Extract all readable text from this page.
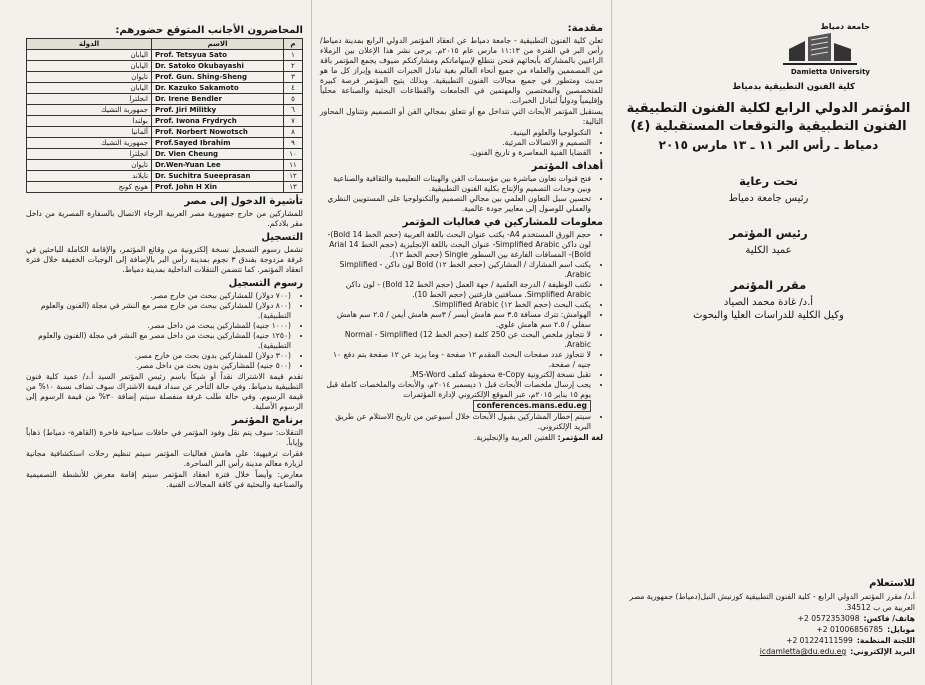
المحاضرون الأجانب المتوقع حضورهم:
م	الاسم	الدولة
١	Prof. Tetsyua Sato	اليابان
٢	Dr. Satoko Okubayashi	اليابان
٣	Prof. Gun. Shing-Sheng	تايوان
٤	Dr. Kazuko Sakamoto	اليابان
٥	Dr. Irene Bendler	انجلترا
٦	Prof. Jiri Militky	جمهورية التشيك
٧	Prof. Iwona Frydrych	بولندا
٨	Prof. Norbert Nowotsch	ألمانيا
٩	Prof.Sayed Ibrahim	جمهورية التشيك
١٠	Dr. Vien Cheung	انجلترا
١١	Dr.Wen-Yuan Lee	تايوان
١٢	Dr. Suchitra Sueeprasan	تايلاند
١٣	Prof. John H Xin	هونج كونج
تأشيرة الدخول إلى مصر

للمشاركين من خارج جمهورية مصر العربية الرجاء الاتصال بالسفارة المصرية من داخل مقر بلادكم.

التسجيل

تشمل رسوم التسجيل نسخة إلكترونية من وقائع المؤتمر، والإقامة الكاملة للباحثين في غرفة مزدوجة بفندق ٣ نجوم بمدينة رأس البر بالإضافة إلى الوجبات الخفيفة خلال فترة انعقاد المؤتمر. كما تتضمن التنقلات الداخلية بمدينة دمياط.

رسوم التسجيل
• (٧٠٠ دولار) للمشاركين ببحث من خارج مصر.
• (٨٠٠ دولار) للمشاركين ببحث من خارج مصر مع النشر في مجلة (الفنون والعلوم التطبيقية).
• (١٠٠٠ جنيه) للمشاركين ببحث من داخل مصر.
• (١٢٥٠ جنيه) للمشاركين ببحث من داخل مصر مع النشر في مجلة (الفنون والعلوم التطبيقية).
• (٣٠٠ دولار) للمشاركين بدون بحث من خارج مصر.
• (٥٠٠ جنيه) للمشاركين بدون بحث من داخل مصر.

تقدم قيمة الاشتراك نقداً أو شيكاً باسم رئيس المؤتمر السيد أ.د/ عميد كلية فنون التطبيقية بدمياط. وفي حالة التأخر عن سداد قيمة الاشتراك سوف تضاف نسبة ١٠% من قيمة الرسوم. وفي حالة طلب غرفة منفصلة سيتم إضافة ٣٠% من قيمة الرسوم إلى الرسوم الأصلية.

برنامج المؤتمر

التنقلات: سوف يتم نقل وفود المؤتمر في حافلات سياحية فاخرة (القاهرة- دمياط) ذهاباً وإياباً.

فقرات ترفيهية: على هامش فعاليات المؤتمر سيتم تنظيم رحلات استكشافية مجانية لزيارة معالم مدينة رأس البر الساحرة.

معارض: وأيضاً خلال فترة انعقاد المؤتمر سيتم إقامة معرض للأنشطة التصميمية والصناعية والبحثية في كافة المجالات الفنية.

مقدمة:

تعلن كلية الفنون التطبيقية - جامعة دمياط عن انعقاد المؤتمر الدولي الرابع بمدينة دمياط/ رأس البر في الفترة من ١١:١٣ مارس عام ٢٠١٥م. يرجى نشر هذا الإعلان بين الزملاء الراغبين بالمشاركة بأبحاثهم فنحن نتطلع لإسهاماتكم ومشاركتكم ضيوف يجمع المؤتمر باقة من المصممين والعلماء من جميع أنحاء العالم بغية تبادل الخبرات الثمينة وإبراز كل ما هو حديث ومتطور في جميع مجالات الفنون التطبيقية. وبذلك يتيح المؤتمر فرصة كبيرة للمتخصصين والمختصين والمهتمين في الجامعات والقطاعات البحثية والصناعة محلياً وإقليمياً ودولياً لتبادل الخبرات.

يستقبل المؤتمر الأبحاث التي تتداخل مع أو تتعلق بمجالي الفن أو التصميم وتتناول المحاور التالية:

• التكنولوجيا والعلوم البينية.
• التصميم و الاتصالات المرئية.
• القضايا الفنية المعاصرة و تاريخ الفنون.
أهداف المؤتمر
• فتح قنوات تعاون مباشرة بين مؤسسات الفن والهيئات التعليمية والثقافية والصناعية وبين وحدات التصميم والإنتاج بكلية الفنون التطبيقية.
• تحسين سبل التعاون العلمي بين مجالي التصميم والتكنولوجيا على المستويين النظري والعملي للوصول إلى معايير جودة عالمية.
معلومات للمشاركين في فعاليات المؤتمر
• حجم الورق المستخدم A4- يكتب عنوان البحث باللغة العربية (حجم الخط 14 Bold)- لون داكن Simplified Arabic- عنوان البحث باللغة الإنجليزية (حجم الخط 14 Arial Bold)- المسافات الفارغة بين السطور Single (حجم الخط ١٢).
• يكتب اسم المشارك / المشاركين (حجم الخط ١٢) Bold لون داكن - Simplified Arabic.
• تكتب الوظيفة / الدرجة العلمية / جهة العمل (حجم الخط 12 Bold) - لون داكن Simplified Arabic. مسافتين فارغتين (حجم الخط 10).
• يكتب البحث (حجم الخط ١٢) Simplified Arabic.
• الهوامش: تترك مسافة ٣.٥ سم هامش أيسر / ٣سم هامش أيمن / ٢.٥ سم هامش سفلي / ٢.٥ سم هامش علوي.
• لا تتجاوز ملخص البحث عن 250 كلمة (حجم الخط 12) Normal - Simplified Arabic.
• لا تتجاوز عدد صفحات البحث المقدم ١٢ صفحة - وما يزيد عن ١٢ صفحة يتم دفع ١٠ جنيه / صفحة.
• تقبل نسخة إلكترونية e-Copy محفوظة كملف MS-Word.
• يجب إرسال ملخصات الأبحاث قبل ١ ديسمبر ٢٠١٤م، والأبحاث والملخصات كاملة قبل يوم ١٥ يناير ٢٠١٥م، عبر الموقع الإلكتروني لإدارة المؤتمرات conferences.mans.edu.eg
• سيتم إخطار المشاركين بقبول الأبحاث خلال أسبوعين من تاريخ الاستلام عن طريق البريد الإلكتروني.

لغة المؤتمر: اللغتين العربية والإنجليزية.

جامعة دمياط
Damietta University
كلية الفنون التطبيقية بدمياط

المؤتمر الدولي الرابع لكلية الفنون التطبيقية الفنون التطبيقية والتوقعات المستقبلية (٤)

دمياط ـ رأس البر ١١ ـ ١٣ مارس ٢٠١٥

تحت رعاية
رئيس جامعة دمياط
رئيس المؤتمر
عميد الكلية
مقرر المؤتمر
أ.د/ غادة محمد الصياد
وكيل الكلية للدراسات العليا والبحوث
للاستعلام
أ.د/ مقرر المؤتمر الدولي الرابع - كلية الفنون التطبيقية كورنيش النيل(دمياط) جمهورية مصر العربية ص ب 34512.
هاتف/ فاكس:
+2 0572353098
موبايل:
+2 01006856785
اللجنة المنظمة:
+2 01224111599
البريد الإلكتروني:
icdamletta@du.edu.eg
